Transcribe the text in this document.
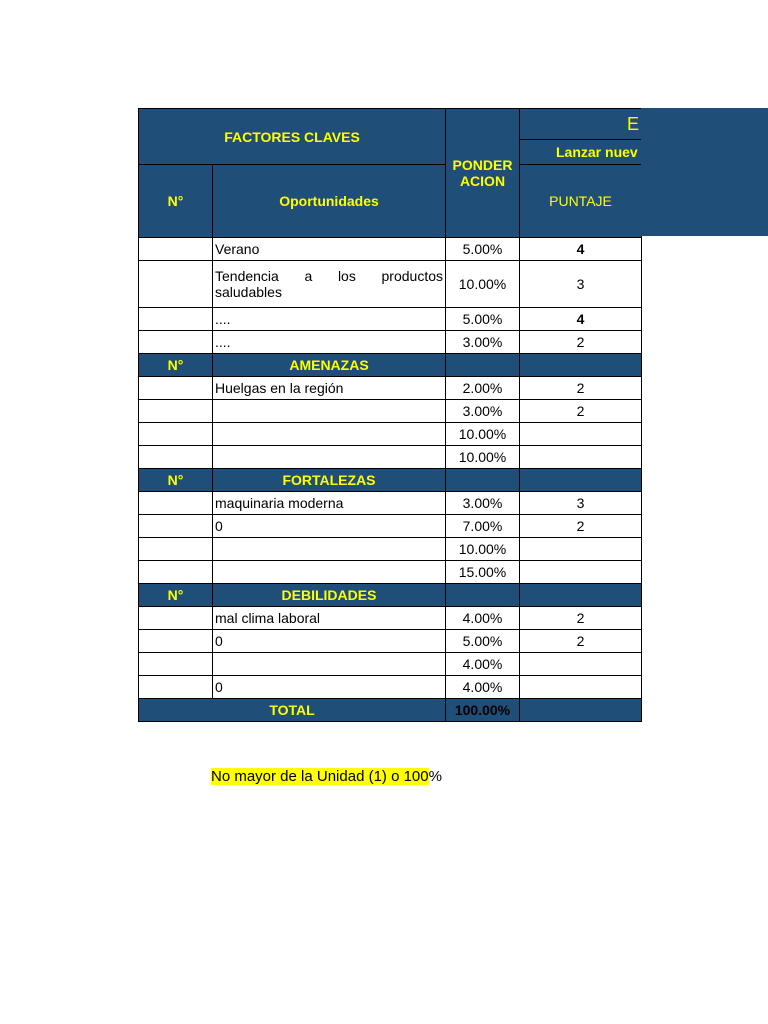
FACTORES CLAVES		PONDER ACION	E
			Lanzar nuev
N°	Oportunidades		PUNTAJE
	Verano	5.00%	4
	Tendencia a los productos saludables	10.00%	3
	....	5.00%	4
	....	3.00%	2
N°	AMENAZAS		
	Huelgas en la región	2.00%	2
		3.00%	2
		10.00%	
		10.00%	
N°	FORTALEZAS		
	maquinaria moderna	3.00%	3
	0	7.00%	2
		10.00%	
		15.00%	
N°	DEBILIDADES		
	mal clima laboral	4.00%	2
	0	5.00%	2
		4.00%	
	0	4.00%	
TOTAL		100.00%	
No mayor de la Unidad (1) o 100%
